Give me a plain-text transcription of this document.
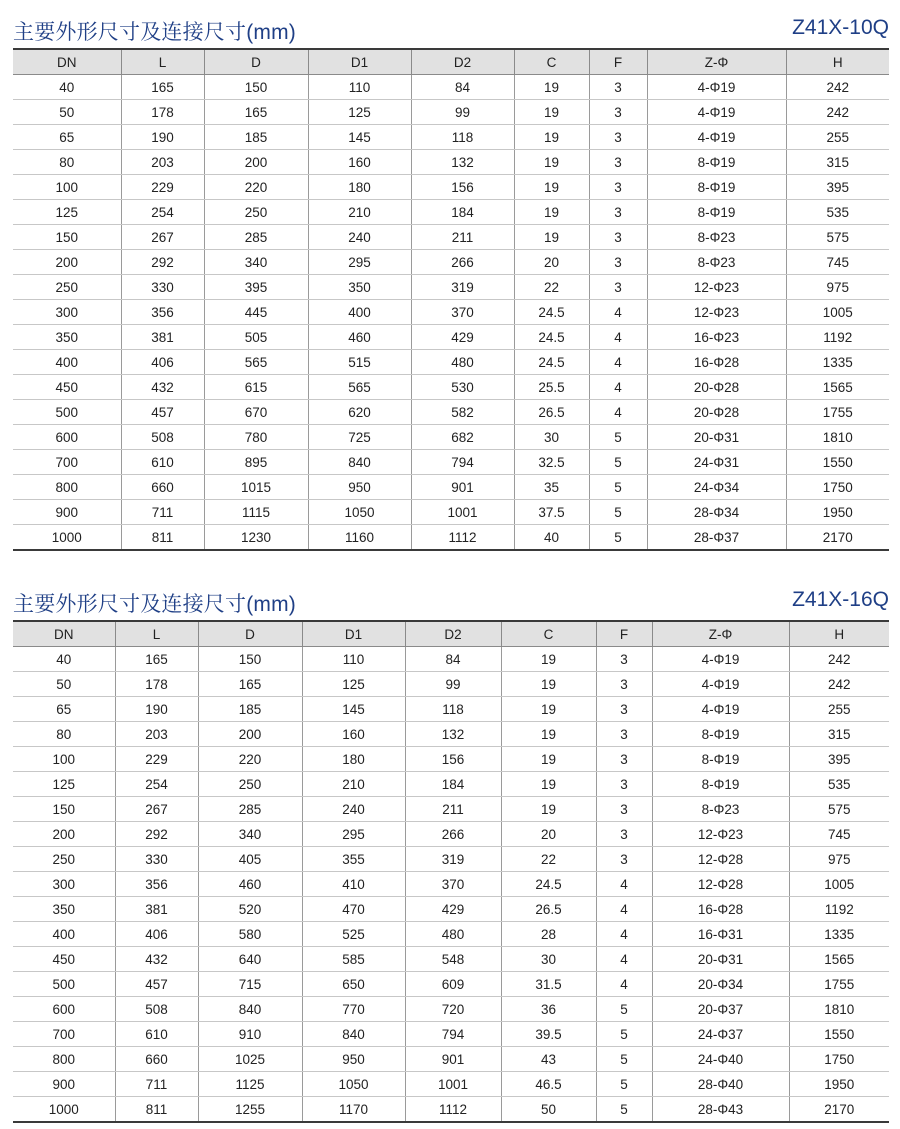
主要外形尺寸及连接尺寸(mm)	Z41X-10Q
DN	L	D	D1	D2	C	F	Z-Φ	H
40	165	150	110	84	19	3	4-Φ19	242
50	178	165	125	99	19	3	4-Φ19	242
65	190	185	145	118	19	3	4-Φ19	255
80	203	200	160	132	19	3	8-Φ19	315
100	229	220	180	156	19	3	8-Φ19	395
125	254	250	210	184	19	3	8-Φ19	535
150	267	285	240	211	19	3	8-Φ23	575
200	292	340	295	266	20	3	8-Φ23	745
250	330	395	350	319	22	3	12-Φ23	975
300	356	445	400	370	24.5	4	12-Φ23	1005
350	381	505	460	429	24.5	4	16-Φ23	1192
400	406	565	515	480	24.5	4	16-Φ28	1335
450	432	615	565	530	25.5	4	20-Φ28	1565
500	457	670	620	582	26.5	4	20-Φ28	1755
600	508	780	725	682	30	5	20-Φ31	1810
700	610	895	840	794	32.5	5	24-Φ31	1550
800	660	1015	950	901	35	5	24-Φ34	1750
900	711	1115	1050	1001	37.5	5	28-Φ34	1950
1000	811	1230	1160	1112	40	5	28-Φ37	2170
主要外形尺寸及连接尺寸(mm)	Z41X-16Q
DN	L	D	D1	D2	C	F	Z-Φ	H
40	165	150	110	84	19	3	4-Φ19	242
50	178	165	125	99	19	3	4-Φ19	242
65	190	185	145	118	19	3	4-Φ19	255
80	203	200	160	132	19	3	8-Φ19	315
100	229	220	180	156	19	3	8-Φ19	395
125	254	250	210	184	19	3	8-Φ19	535
150	267	285	240	211	19	3	8-Φ23	575
200	292	340	295	266	20	3	12-Φ23	745
250	330	405	355	319	22	3	12-Φ28	975
300	356	460	410	370	24.5	4	12-Φ28	1005
350	381	520	470	429	26.5	4	16-Φ28	1192
400	406	580	525	480	28	4	16-Φ31	1335
450	432	640	585	548	30	4	20-Φ31	1565
500	457	715	650	609	31.5	4	20-Φ34	1755
600	508	840	770	720	36	5	20-Φ37	1810
700	610	910	840	794	39.5	5	24-Φ37	1550
800	660	1025	950	901	43	5	24-Φ40	1750
900	711	1125	1050	1001	46.5	5	28-Φ40	1950
1000	811	1255	1170	1112	50	5	28-Φ43	2170
